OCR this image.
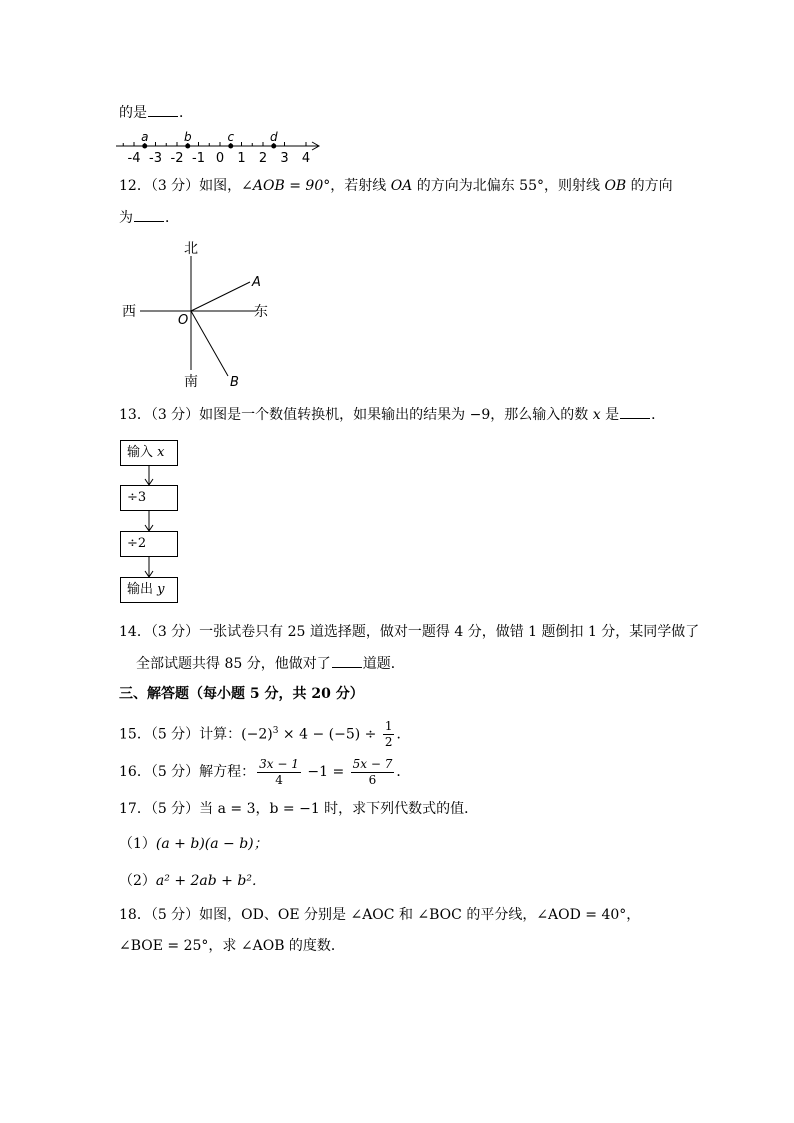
的是 ．
-4 -3 -2 -1 0 1 2 3 4
a	b	c	d
12．（3 分）如图，∠AOB = 90°，若射线 OA 的方向为北偏东 55°，则射线 OB 的方向
为 ．
北
南
西	东
O
A
B
13．（3 分）如图是一个数值转换机，如果输出的结果为 −9，那么输入的数 x 是 ．
输入 x
÷3
÷2
输出 y
14．（3 分）一张试卷只有 25 道选择题，做对一题得 4 分，做错 1 题倒扣 1 分，某同学做了
全部试题共得 85 分，他做对了 道题．
三、解答题（每小题 5 分，共 20 分）
15．（5 分）计算：$(-2)^3 \times 4 - (-5) \div \frac{1}{2}$ ．
16．（5 分）解方程： $\frac{3x - 1}{4} -1 = \frac{5x - 7}{6}$ ．
17．（5 分）当 a = 3，b = −1 时，求下列代数式的值．
（1）(a + b)(a − b)；
（2）a² + 2ab + b²．
18．（5 分）如图，OD、OE 分别是 ∠AOC 和 ∠BOC 的平分线，∠AOD = 40°，
∠BOE = 25°，求 ∠AOB 的度数．
